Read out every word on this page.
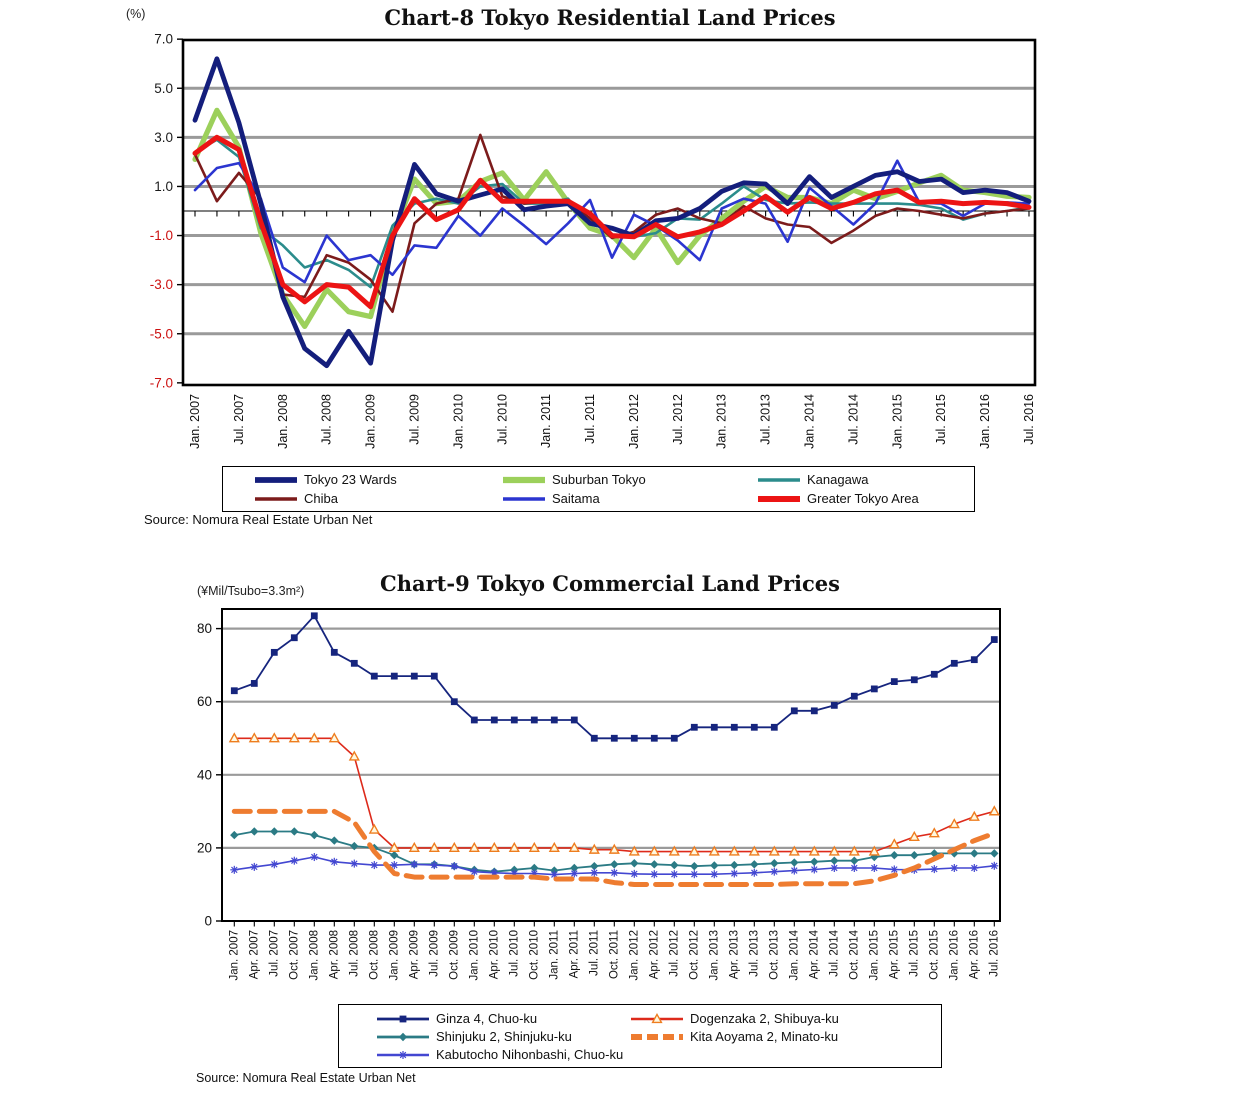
(%)	Chart-8 Tokyo Residential Land Prices
7.0
5.0
3.0
1.0
-1.0
-3.0
-5.0
-7.0
Jan. 2007 Jul. 2007 Jan. 2008 Jul. 2008 Jan. 2009 Jul. 2009 Jan. 2010 Jul. 2010 Jan. 2011 Jul. 2011 Jan. 2012 Jul. 2012 Jan. 2013 Jul. 2013 Jan. 2014 Jul. 2014 Jan. 2015 Jul. 2015 Jan. 2016 Jul. 2016
Tokyo 23 Wards	Suburban Tokyo	Kanagawa
Chiba	Saitama	Greater Tokyo Area
Source: Nomura Real Estate Urban Net
(¥Mil/Tsubo=3.3m²)	Chart-9 Tokyo Commercial Land Prices
80
60
40
20
0
Jan. 2007 Apr. 2007 Jul. 2007 Oct. 2007 Jan. 2008 Apr. 2008 Jul. 2008 Oct. 2008 Jan. 2009 Apr. 2009 Jul. 2009 Oct. 2009 Jan. 2010 Apr. 2010 Jul. 2010 Oct. 2010 Jan. 2011 Apr. 2011 Jul. 2011 Oct. 2011 Jan. 2012 Apr. 2012 Jul. 2012 Oct. 2012 Jan. 2013 Apr. 2013 Jul. 2013 Oct. 2013 Jan. 2014 Apr. 2014 Jul. 2014 Oct. 2014 Jan. 2015 Apr. 2015 Jul. 2015 Oct. 2015 Jan. 2016 Apr. 2016 Jul. 2016
Ginza 4, Chuo-ku	Dogenzaka 2, Shibuya-ku
Shinjuku 2, Shinjuku-ku	Kita Aoyama 2, Minato-ku
Kabutocho Nihonbashi, Chuo-ku
Source: Nomura Real Estate Urban Net
